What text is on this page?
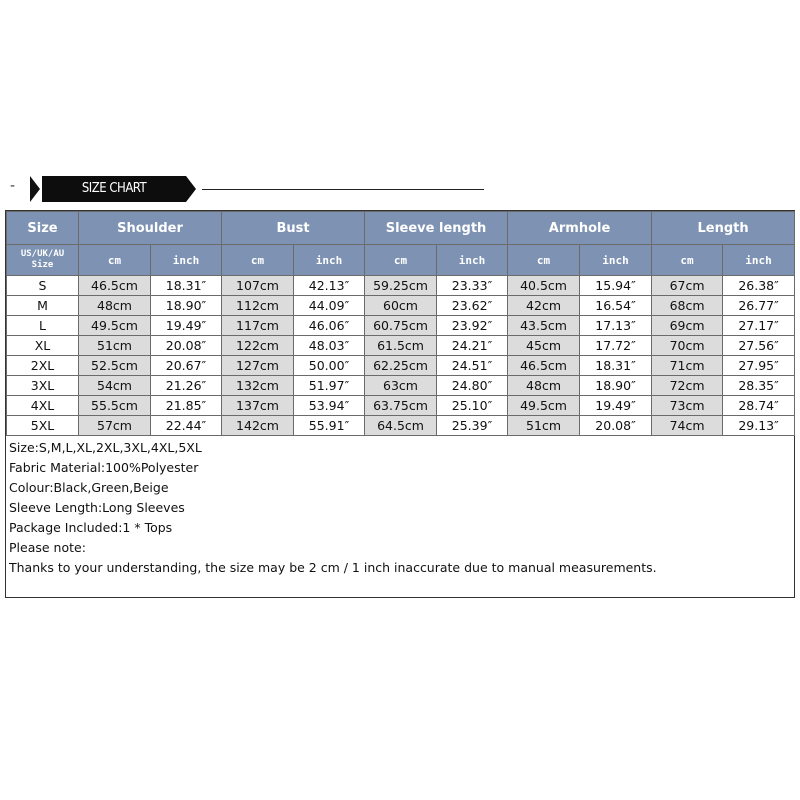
-	SIZE CHART
Size	Shoulder		Bust		Sleeve length		Armhole		Length	

US/UK/AU
Size	cm	inch	cm	inch	cm	inch	cm	inch	cm	inch
S	46.5cm	18.31″	107cm	42.13″	59.25cm	23.33″	40.5cm	15.94″	67cm	26.38″
M	48cm	18.90″	112cm	44.09″	60cm	23.62″	42cm	16.54″	68cm	26.77″
L	49.5cm	19.49″	117cm	46.06″	60.75cm	23.92″	43.5cm	17.13″	69cm	27.17″
XL	51cm	20.08″	122cm	48.03″	61.5cm	24.21″	45cm	17.72″	70cm	27.56″
2XL	52.5cm	20.67″	127cm	50.00″	62.25cm	24.51″	46.5cm	18.31″	71cm	27.95″
3XL	54cm	21.26″	132cm	51.97″	63cm	24.80″	48cm	18.90″	72cm	28.35″
4XL	55.5cm	21.85″	137cm	53.94″	63.75cm	25.10″	49.5cm	19.49″	73cm	28.74″
5XL	57cm	22.44″	142cm	55.91″	64.5cm	25.39″	51cm	20.08″	74cm	29.13″
Size:S,M,L,XL,2XL,3XL,4XL,5XL
Fabric Material:100%Polyester
Colour:Black,Green,Beige
Sleeve Length:Long Sleeves
Package Included:1 * Tops
Please note:
Thanks to your understanding, the size may be 2 cm / 1 inch inaccurate due to manual measurements.
